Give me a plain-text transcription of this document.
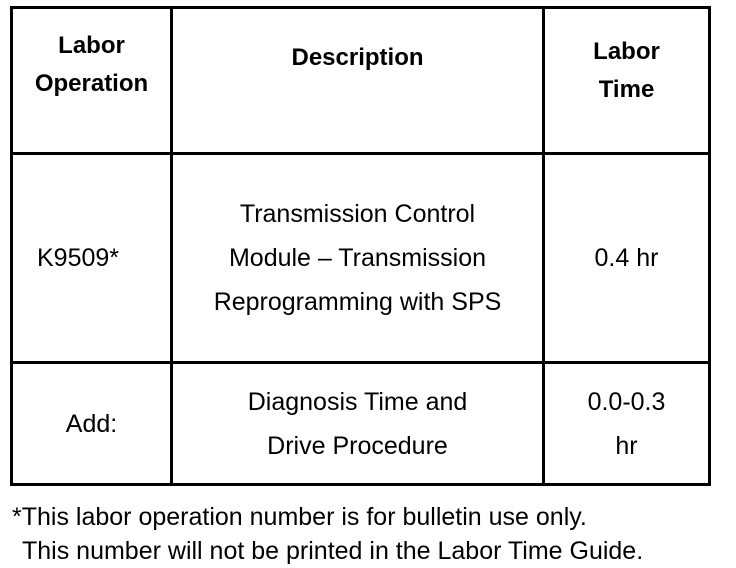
Labor Operation	Description	Labor Time

K9509*	Transmission Control Module – Transmission Reprogramming with SPS	0.4 hr
Add:	Diagnosis Time and Drive Procedure	0.0-0.3 hr
*This labor operation number is for bulletin use only.
This number will not be printed in the Labor Time Guide.
